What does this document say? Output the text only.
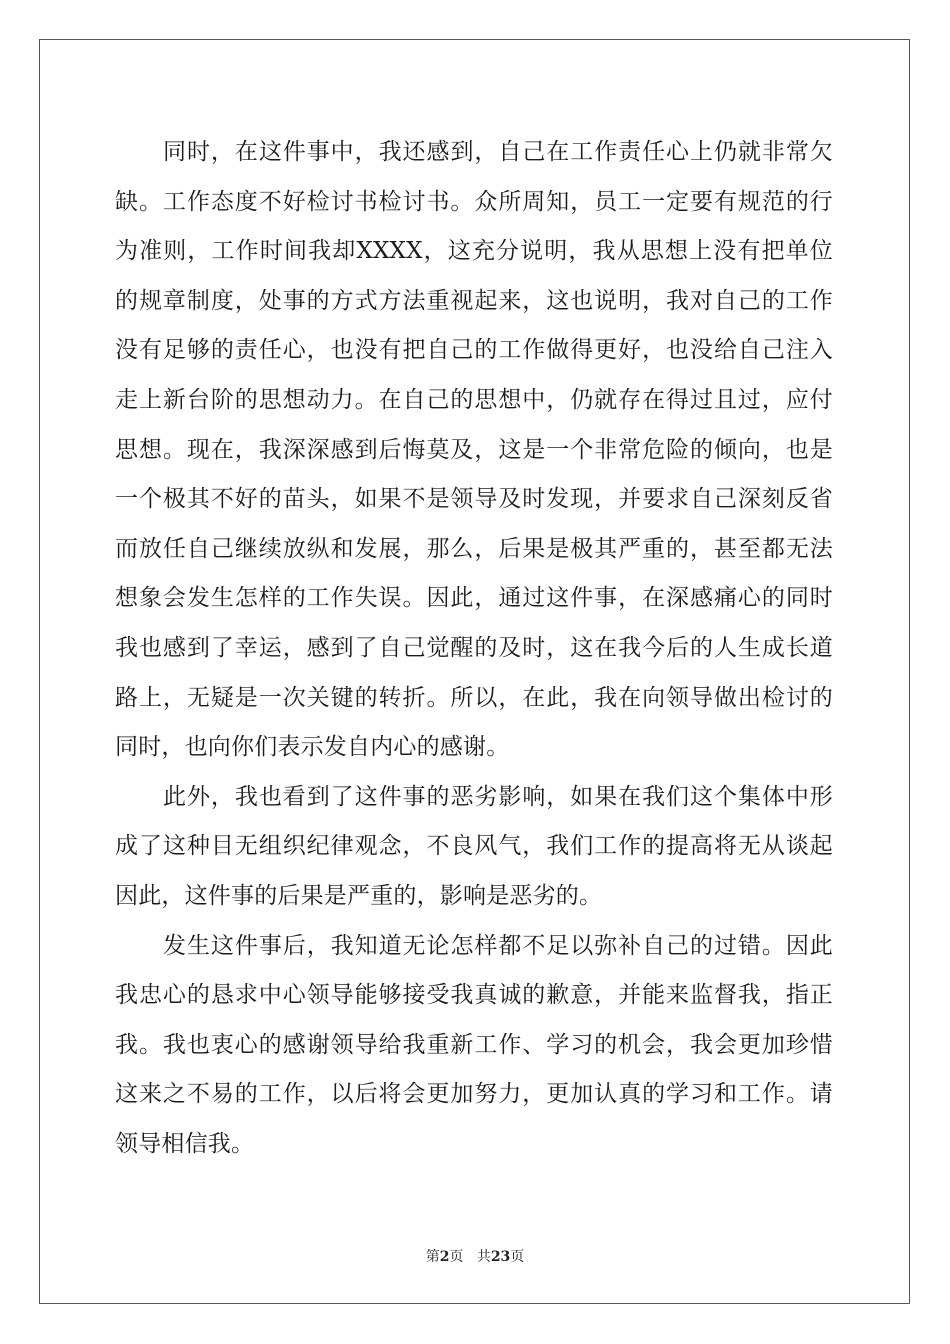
同时，在这件事中，我还感到，自己在工作责任心上仍就非常欠
缺。工作态度不好检讨书检讨书。众所周知，员工一定要有规范的行
为准则，工作时间我却XXXX，这充分说明，我从思想上没有把单位
的规章制度，处事的方式方法重视起来，这也说明，我对自己的工作
没有足够的责任心，也没有把自己的工作做得更好，也没给自己注入
走上新台阶的思想动力。在自己的思想中，仍就存在得过且过，应付
思想。现在，我深深感到后悔莫及，这是一个非常危险的倾向，也是
一个极其不好的苗头，如果不是领导及时发现，并要求自己深刻反省
而放任自己继续放纵和发展，那么，后果是极其严重的，甚至都无法
想象会发生怎样的工作失误。因此，通过这件事，在深感痛心的同时
我也感到了幸运，感到了自己觉醒的及时，这在我今后的人生成长道
路上，无疑是一次关键的转折。所以，在此，我在向领导做出检讨的
同时，也向你们表示发自内心的感谢。
此外，我也看到了这件事的恶劣影响，如果在我们这个集体中形
成了这种目无组织纪律观念，不良风气，我们工作的提高将无从谈起
因此，这件事的后果是严重的，影响是恶劣的。
发生这件事后，我知道无论怎样都不足以弥补自己的过错。因此
我忠心的恳求中心领导能够接受我真诚的歉意，并能来监督我，指正
我。我也衷心的感谢领导给我重新工作、学习的机会，我会更加珍惜
这来之不易的工作，以后将会更加努力，更加认真的学习和工作。请
领导相信我。
第2页 共23页
